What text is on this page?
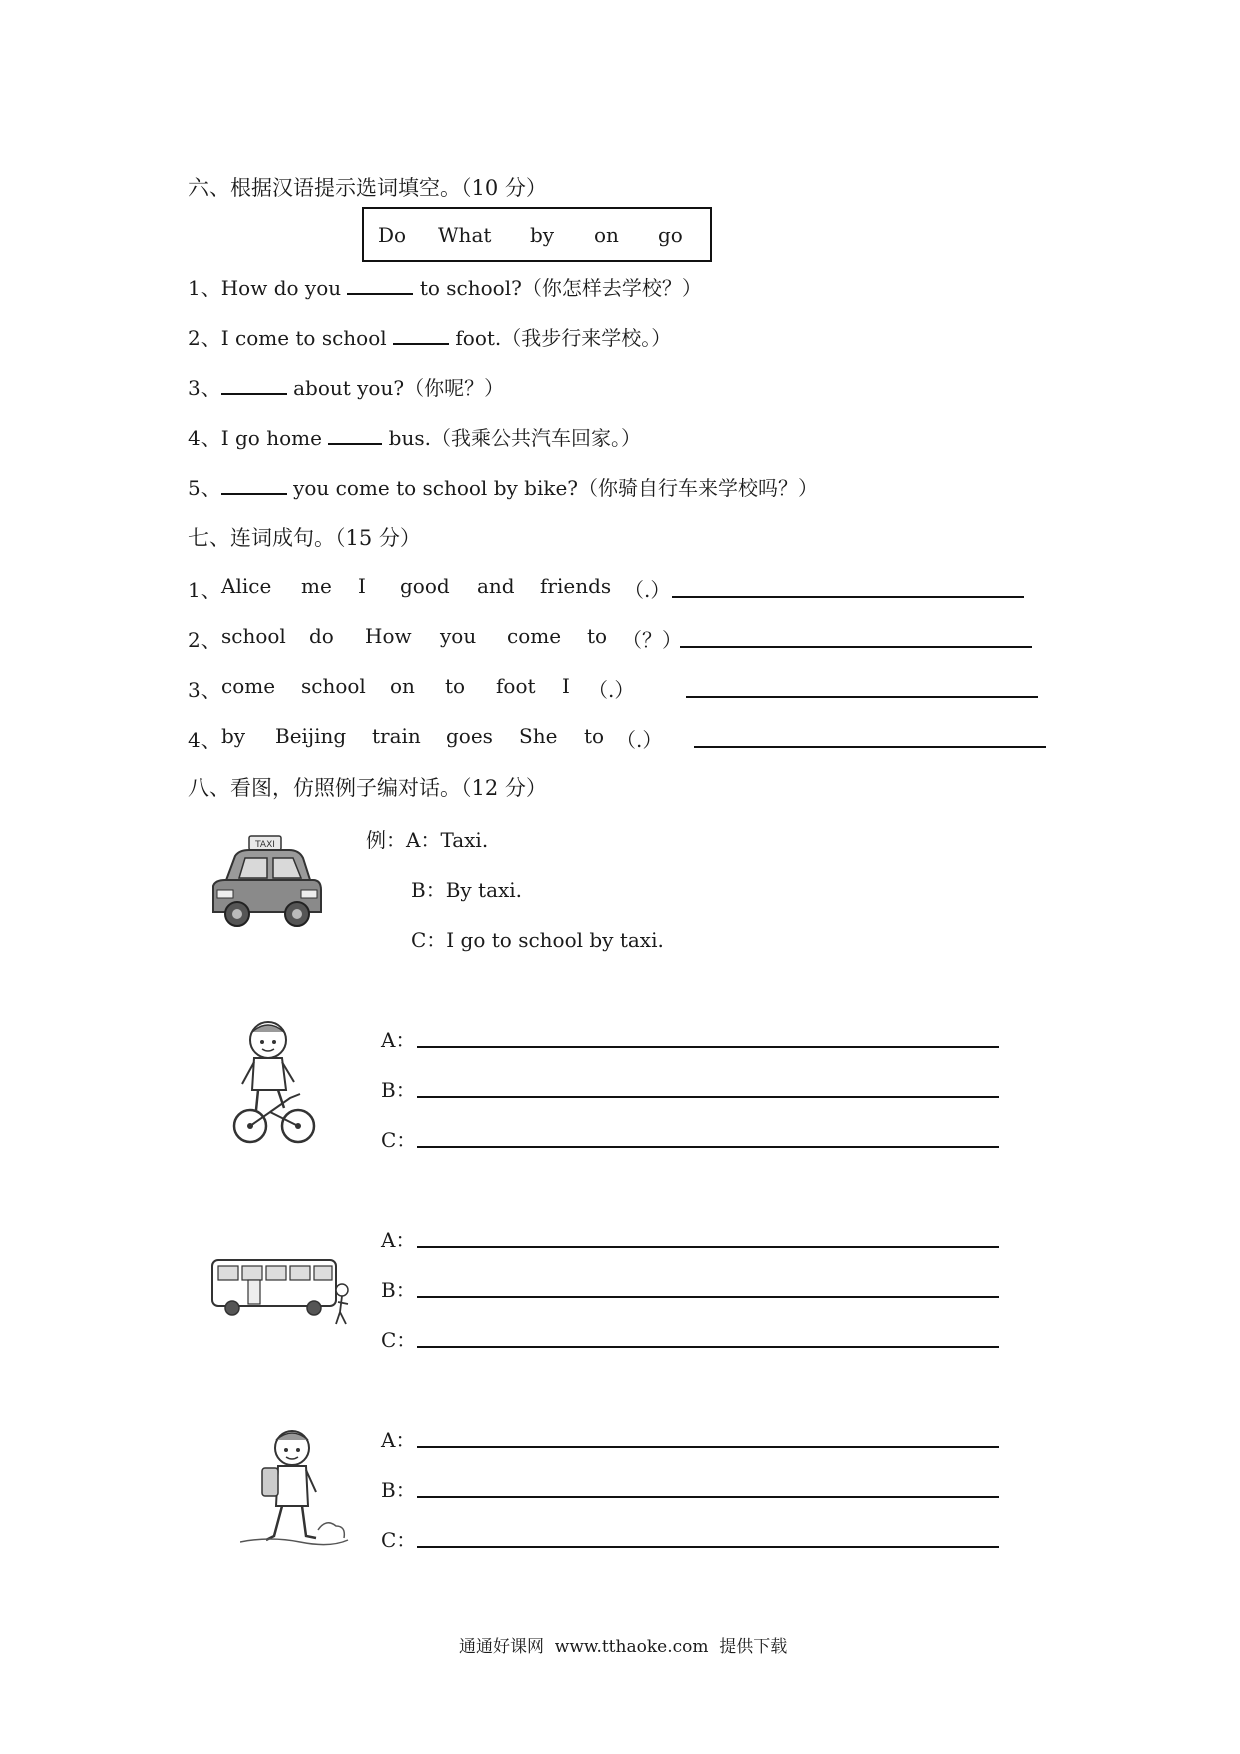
六、根据汉语提示选词填空。（10 分）
Do What by on go
1、How do you	to school?（你怎样去学校？）
2、I come to school	foot.（我步行来学校。）
3、	about you?（你呢？）
4、I go home	bus.（我乘公共汽车回家。）
5、	you come to school by bike?（你骑自行车来学校吗？）
七、连词成句。（15 分）
1、 Alice me I good and friends （.）
2、 school do How you come to （？）
3、 come school on to foot I （.）
4、 by Beijing train goes She to （.）
八、看图，仿照例子编对话。（12 分）
TAXI	例：A：Taxi.
B：By taxi.
C：I go to school by taxi.
A：
B：
C：
A：
B：
C：
A：
B：
C：
通通好课网  www.tthaoke.com  提供下载
